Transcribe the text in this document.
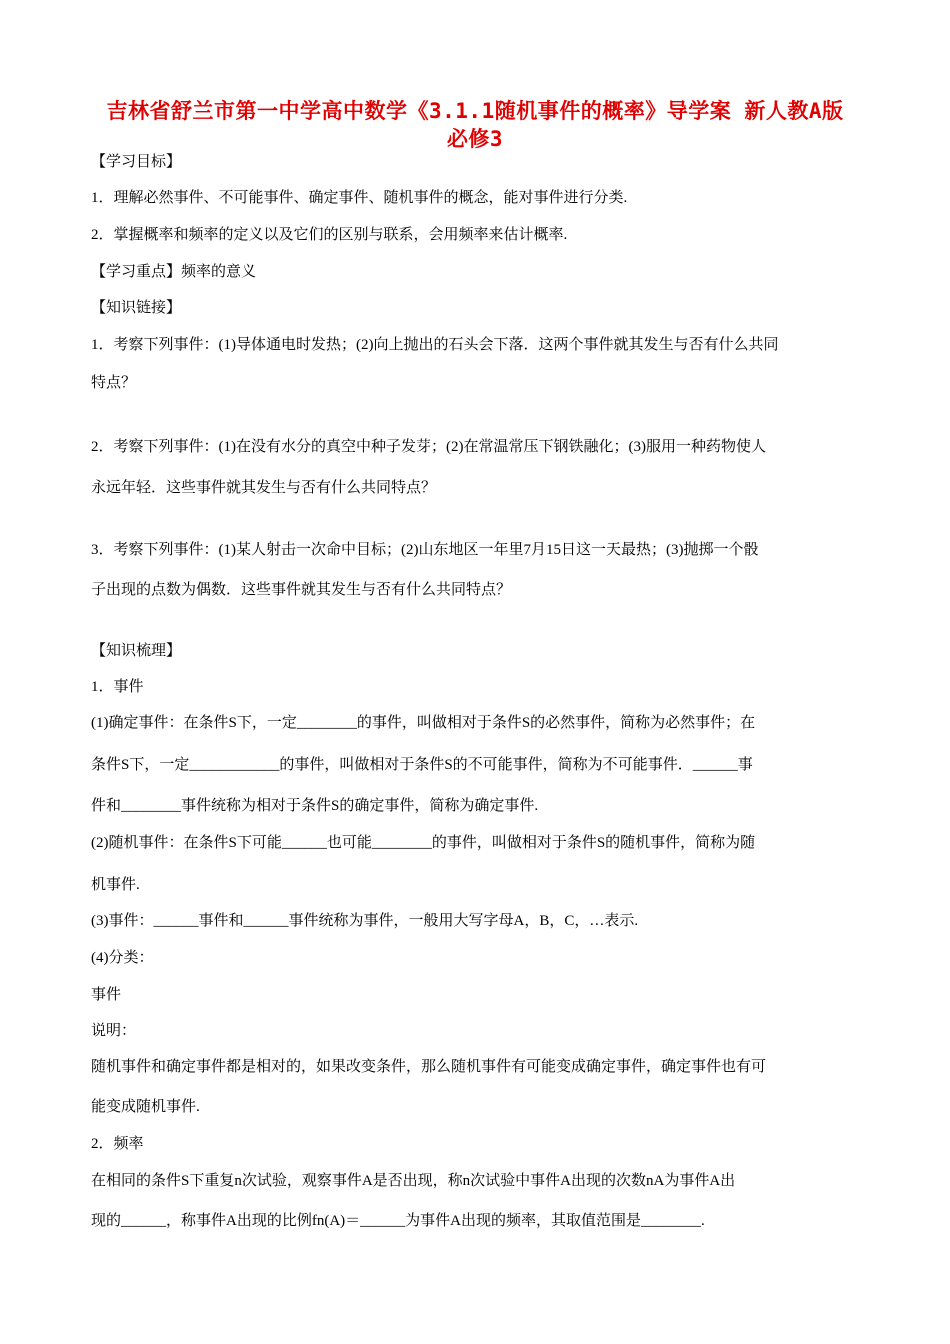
吉林省舒兰市第一中学高中数学《3.1.1随机事件的概率》导学案 新人教A版
必修3

【学习目标】

1．理解必然事件、不可能事件、确定事件、随机事件的概念，能对事件进行分类.

2．掌握概率和频率的定义以及它们的区别与联系，会用频率来估计概率.

【学习重点】频率的意义

【知识链接】

1．考察下列事件：(1)导体通电时发热；(2)向上抛出的石头会下落．这两个事件就其发生与否有什么共同

特点？

2．考察下列事件：(1)在没有水分的真空中种子发芽；(2)在常温常压下钢铁融化；(3)服用一种药物使人

永远年轻．这些事件就其发生与否有什么共同特点？

3．考察下列事件：(1)某人射击一次命中目标；(2)山东地区一年里7月15日这一天最热；(3)抛掷一个骰

子出现的点数为偶数．这些事件就其发生与否有什么共同特点？

【知识梳理】

1．事件

(1)确定事件：在条件S下，一定________的事件，叫做相对于条件S的必然事件，简称为必然事件；在

条件S下，一定____________的事件，叫做相对于条件S的不可能事件，简称为不可能事件．______事

件和________事件统称为相对于条件S的确定事件，简称为确定事件.

(2)随机事件：在条件S下可能______也可能________的事件，叫做相对于条件S的随机事件，简称为随

机事件.

(3)事件：______事件和______事件统称为事件，一般用大写字母A，B，C，…表示.

(4)分类：

事件

说明：

随机事件和确定事件都是相对的，如果改变条件，那么随机事件有可能变成确定事件，确定事件也有可

能变成随机事件.

2．频率

在相同的条件S下重复n次试验，观察事件A是否出现，称n次试验中事件A出现的次数nA为事件A出

现的______，称事件A出现的比例fn(A)＝______为事件A出现的频率，其取值范围是________.
